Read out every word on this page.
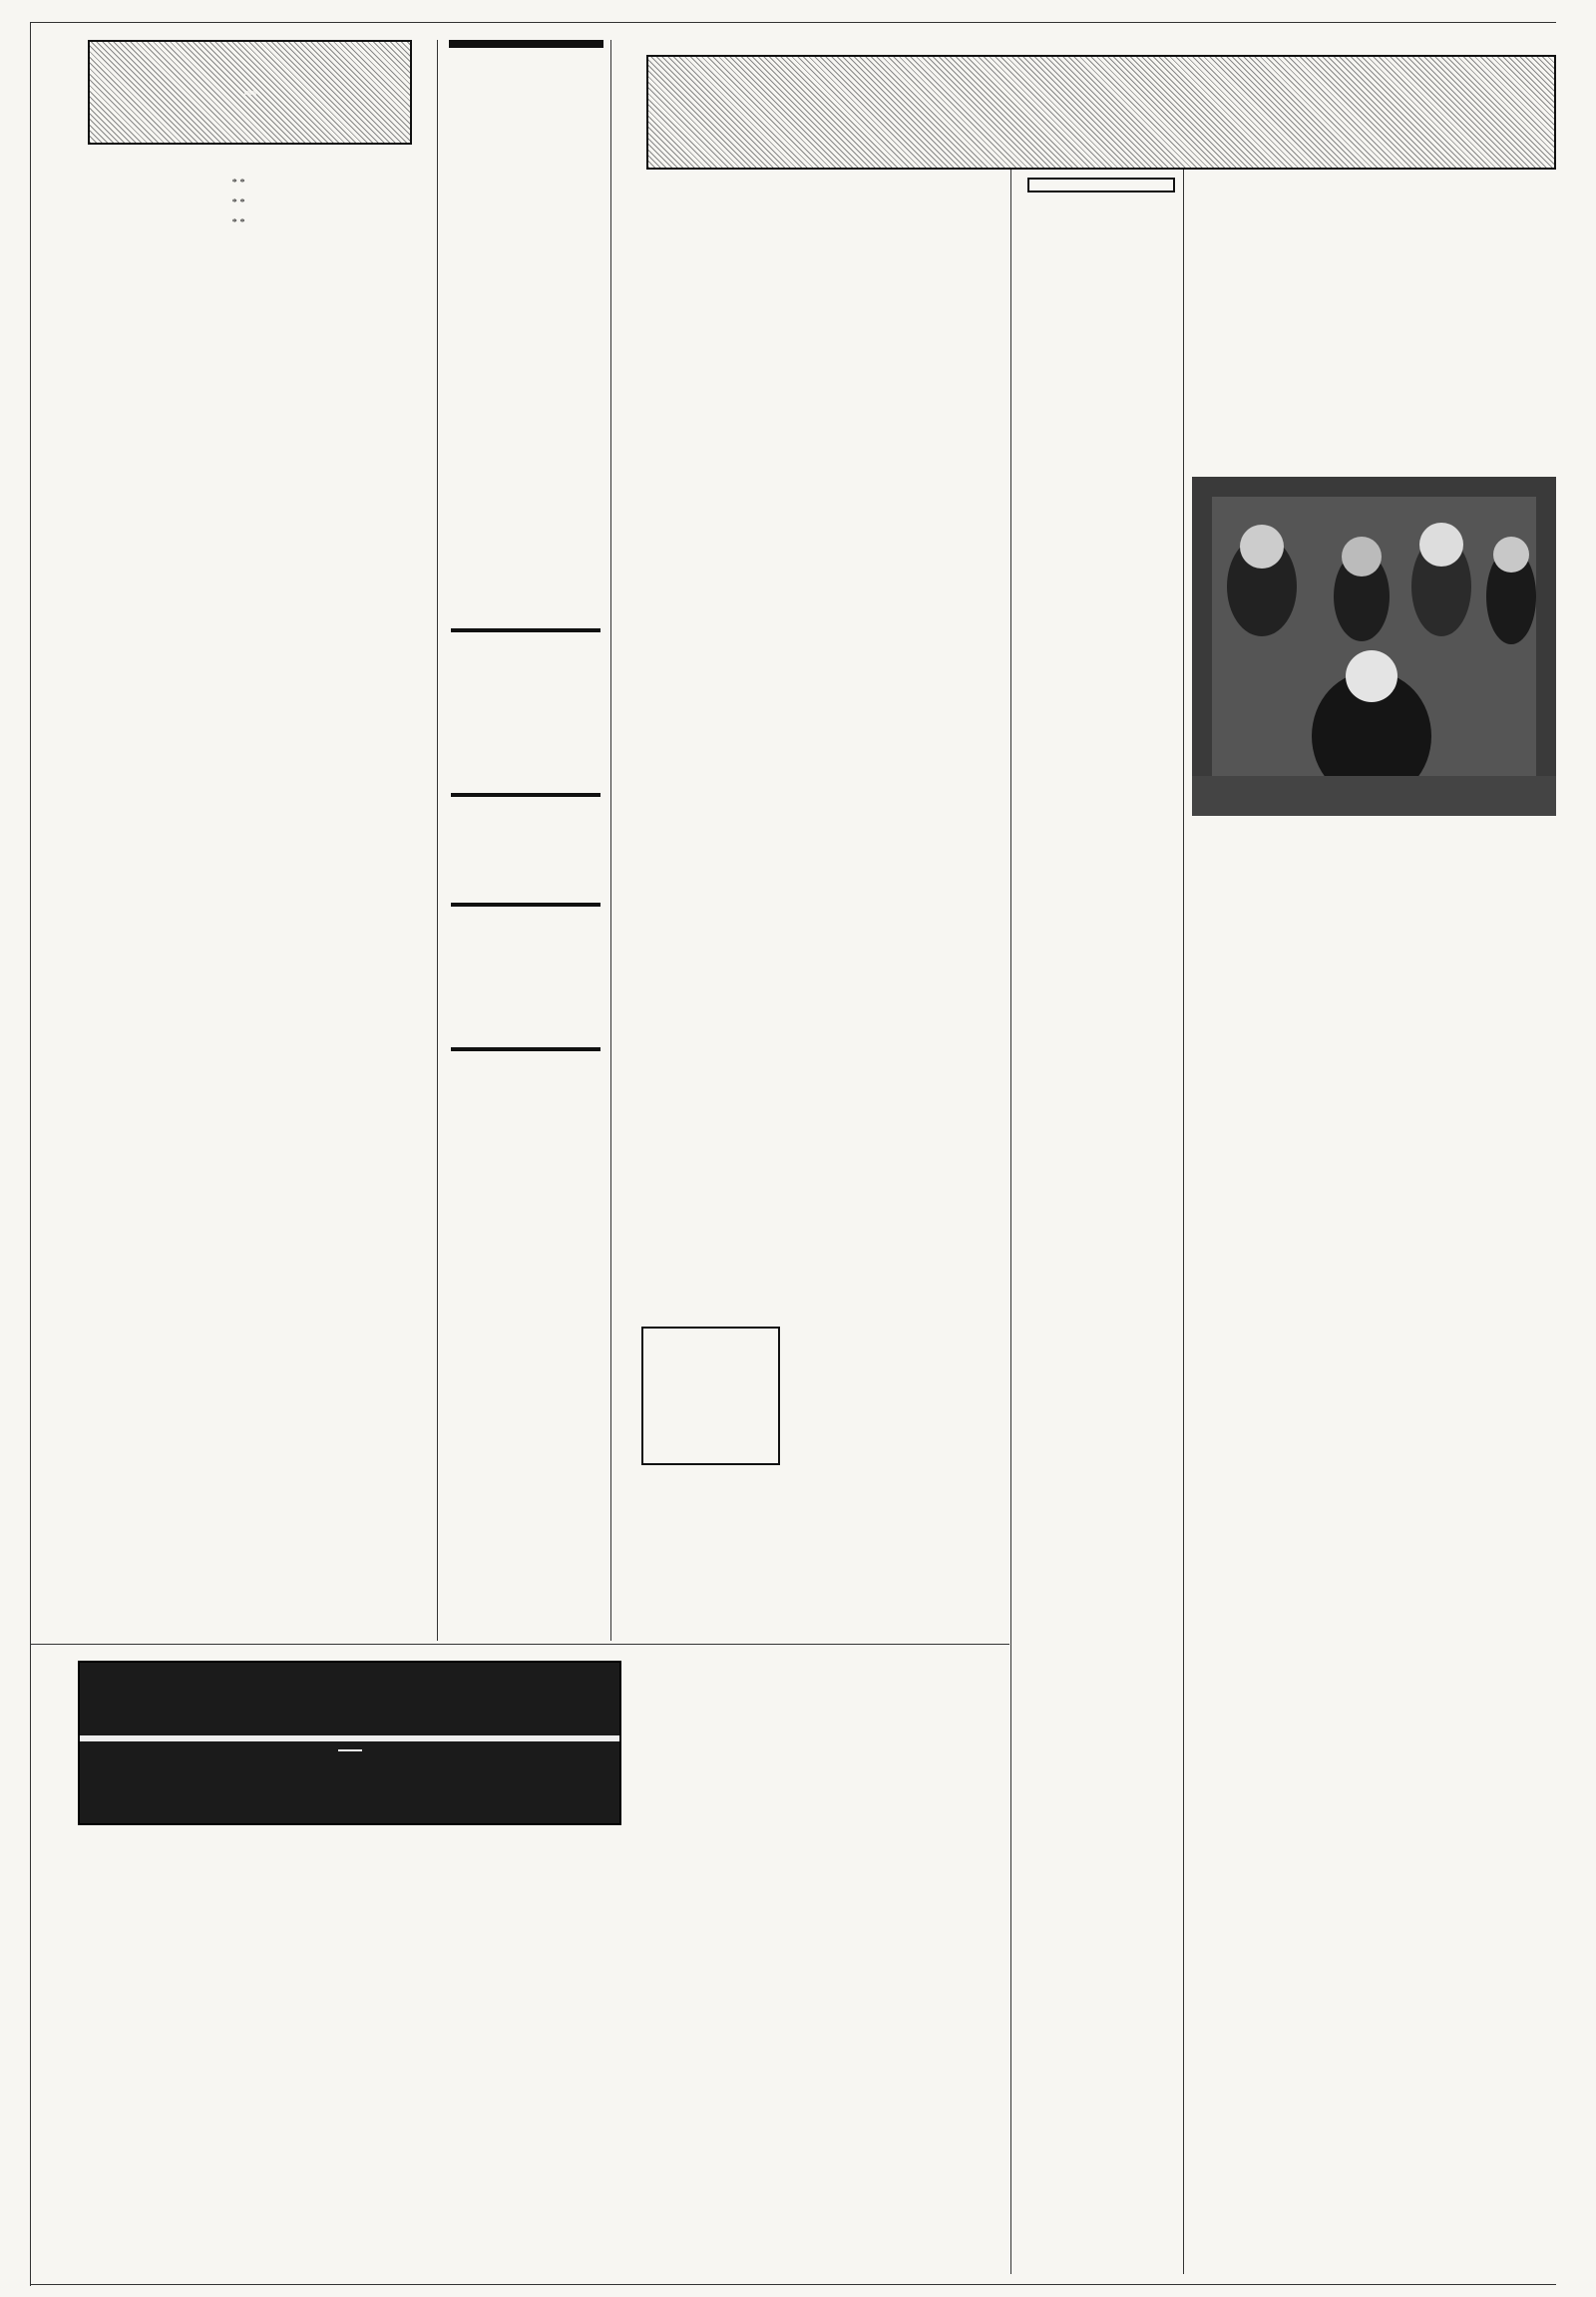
* *

* *

* *
